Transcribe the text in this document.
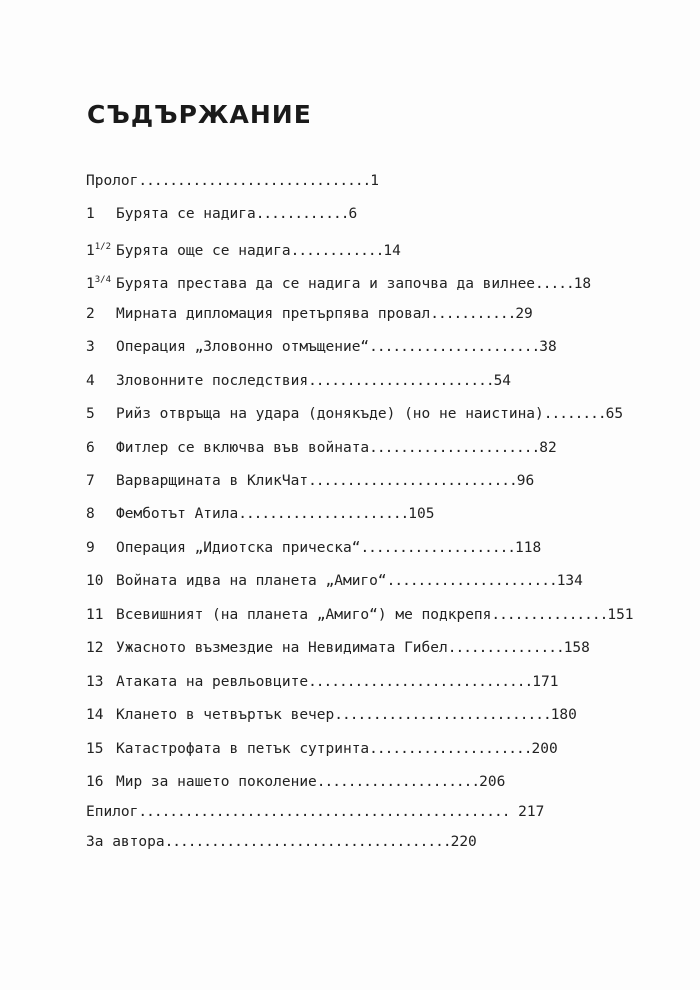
СЪДЪРЖАНИЕ
Пролог..............................1
1 Бурята се надига............6
$1^{1/2}$ Бурята още се надига............14
$1^{3/4}$ Бурята престава да се надига и започва да вилнее.....18
2 Мирната дипломация претърпява провал...........29
3 Операция „Зловонно отмъщение“......................38
4 Зловонните последствия........................54
5 Рийз отвръща на удара (донякъде) (но не наистина)........65
6 Фитлер се включва във войната......................82
7 Варварщината в КликЧат...........................96
8 Фембoтът Атила......................105
9 Операция „Идиотска прическа“....................118
10 Войната идва на планета „Амиго“......................134
11 Всевишният (на планета „Амиго“) ме подкрепя...............151
12 Ужасното възмездие на Невидимата Гибел...............158
13 Атаката на ревльовците.............................171
14 Кланeтo в четвъртък вечер............................180
15 Катастрофата в петък сутринта.....................200
16 Мир за нашето поколение.....................206
Епилог................................................ 217
За автора.....................................220
